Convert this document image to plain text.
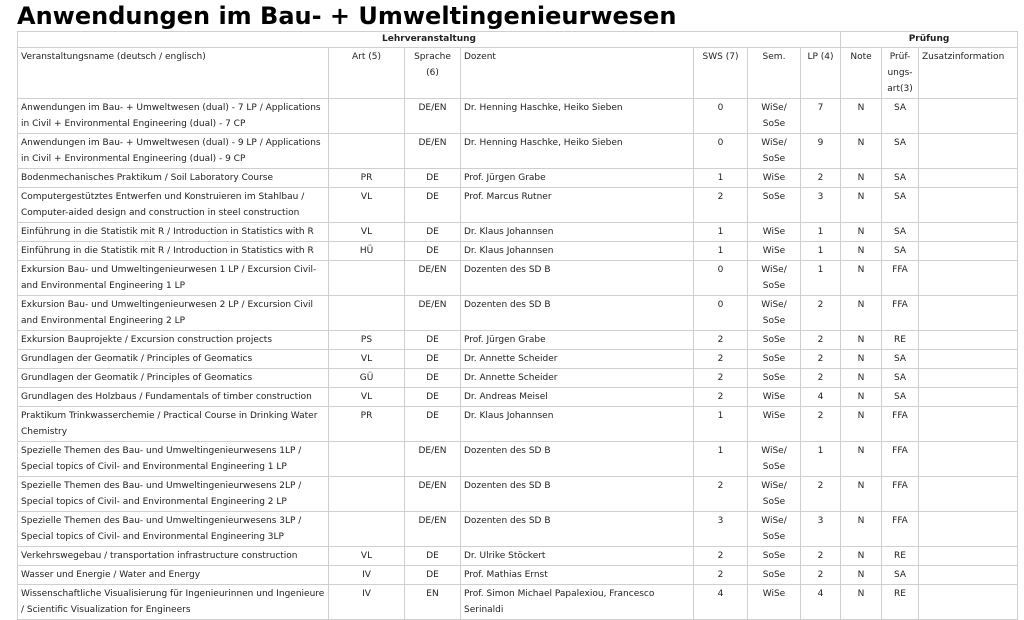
Anwendungen im Bau- + Umweltingenieurwesen
Lehrveranstaltung							Prüfung		
Veranstaltungsname (deutsch / englisch)	Art (5)	Sprache (6)	Dozent	SWS (7)	Sem.	LP (4)	Note	Prüf- ungs- art(3)	Zusatzinformation
Anwendungen im Bau- + Umweltwesen (dual) - 7 LP / Applications in Civil + Environmental Engineering (dual) - 7 CP		DE/EN	Dr. Henning Haschke, Heiko Sieben	0	WiSe/ SoSe	7	N	SA	
Anwendungen im Bau- + Umweltwesen (dual) - 9 LP / Applications in Civil + Environmental Engineering (dual) - 9 CP		DE/EN	Dr. Henning Haschke, Heiko Sieben	0	WiSe/ SoSe	9	N	SA	
Bodenmechanisches Praktikum / Soil Laboratory Course	PR	DE	Prof. Jürgen Grabe	1	WiSe	2	N	SA	
Computergestütztes Entwerfen und Konstruieren im Stahlbau / Computer-aided design and construction in steel construction	VL	DE	Prof. Marcus Rutner	2	SoSe	3	N	SA	
Einführung in die Statistik mit R / Introduction in Statistics with R	VL	DE	Dr. Klaus Johannsen	1	WiSe	1	N	SA	
Einführung in die Statistik mit R / Introduction in Statistics with R	HÜ	DE	Dr. Klaus Johannsen	1	WiSe	1	N	SA	
Exkursion Bau- und Umweltingenieurwesen 1 LP / Excursion Civil- and Environmental Engineering 1 LP		DE/EN	Dozenten des SD B	0	WiSe/ SoSe	1	N	FFA	
Exkursion Bau- und Umweltingenieurwesen 2 LP / Excursion Civil and Environmental Engineering 2 LP		DE/EN	Dozenten des SD B	0	WiSe/ SoSe	2	N	FFA	
Exkursion Bauprojekte / Excursion construction projects	PS	DE	Prof. Jürgen Grabe	2	SoSe	2	N	RE	
Grundlagen der Geomatik / Principles of Geomatics	VL	DE	Dr. Annette Scheider	2	SoSe	2	N	SA	
Grundlagen der Geomatik / Principles of Geomatics	GÜ	DE	Dr. Annette Scheider	2	SoSe	2	N	SA	
Grundlagen des Holzbaus / Fundamentals of timber construction	VL	DE	Dr. Andreas Meisel	2	WiSe	4	N	SA	
Praktikum Trinkwasserchemie / Practical Course in Drinking Water Chemistry	PR	DE	Dr. Klaus Johannsen	1	WiSe	2	N	FFA	
Spezielle Themen des Bau- und Umweltingenieurwesens 1LP / Special topics of Civil- and Environmental Engineering 1 LP		DE/EN	Dozenten des SD B	1	WiSe/ SoSe	1	N	FFA	
Spezielle Themen des Bau- und Umweltingenieurwesens 2LP / Special topics of Civil- and Environmental Engineering 2 LP		DE/EN	Dozenten des SD B	2	WiSe/ SoSe	2	N	FFA	
Spezielle Themen des Bau- und Umweltingenieurwesens 3LP / Special topics of Civil- and Environmental Engineering 3LP		DE/EN	Dozenten des SD B	3	WiSe/ SoSe	3	N	FFA	
Verkehrswegebau / transportation infrastructure construction	VL	DE	Dr. Ulrike Stöckert	2	SoSe	2	N	RE	
Wasser und Energie / Water and Energy	IV	DE	Prof. Mathias Ernst	2	SoSe	2	N	SA	
Wissenschaftliche Visualisierung für Ingenieurinnen und Ingenieure / Scientific Visualization for Engineers	IV	EN	Prof. Simon Michael Papalexiou, Francesco Serinaldi	4	WiSe	4	N	RE	
